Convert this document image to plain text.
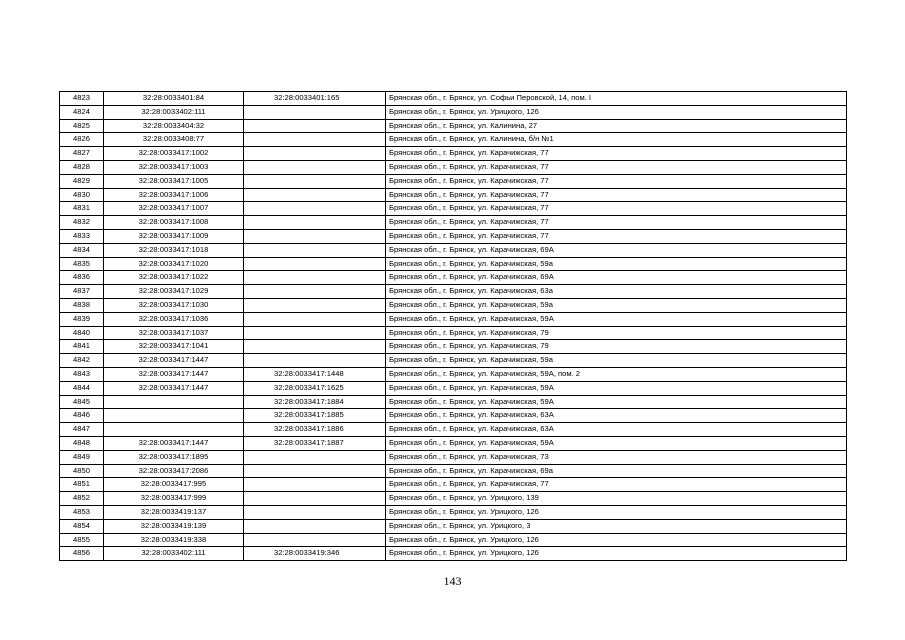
4823	32:28:0033401:84	32:28:0033401:165	Брянская обл., г. Брянск, ул. Софьи Перовской, 14, пом. I
4824	32:28:0033402:111		Брянская обл., г. Брянск, ул. Урицкого, 126
4825	32:28:0033404:32		Брянская обл., г. Брянск, ул. Калинина, 27
4826	32:28:0033408:77		Брянская обл., г. Брянск, ул. Калинина, б/н №1
4827	32:28:0033417:1002		Брянская обл., г. Брянск, ул. Карачижская, 77
4828	32:28:0033417:1003		Брянская обл., г. Брянск, ул. Карачижская, 77
4829	32:28:0033417:1005		Брянская обл., г. Брянск, ул. Карачижская, 77
4830	32:28:0033417:1006		Брянская обл., г. Брянск, ул. Карачижская, 77
4831	32:28:0033417:1007		Брянская обл., г. Брянск, ул. Карачижская, 77
4832	32:28:0033417:1008		Брянская обл., г. Брянск, ул. Карачижская, 77
4833	32:28:0033417:1009		Брянская обл., г. Брянск, ул. Карачижская, 77
4834	32:28:0033417:1018		Брянская обл., г. Брянск, ул. Карачижская, 69А
4835	32:28:0033417:1020		Брянская обл., г. Брянск, ул. Карачижская, 59а
4836	32:28:0033417:1022		Брянская обл., г. Брянск, ул. Карачижская, 69А
4837	32:28:0033417:1029		Брянская обл., г. Брянск, ул. Карачижская, 63а
4838	32:28:0033417:1030		Брянская обл., г. Брянск, ул. Карачижская, 59а
4839	32:28:0033417:1036		Брянская обл., г. Брянск, ул. Карачижская, 59А
4840	32:28:0033417:1037		Брянская обл., г. Брянск, ул. Карачижская, 79
4841	32:28:0033417:1041		Брянская обл., г. Брянск, ул. Карачижская, 79
4842	32:28:0033417:1447		Брянская обл., г. Брянск, ул. Карачижская, 59а
4843	32:28:0033417:1447	32:28:0033417:1448	Брянская обл., г. Брянск, ул. Карачижская, 59А, пом. 2
4844	32:28:0033417:1447	32:28:0033417:1625	Брянская обл., г. Брянск, ул. Карачижская, 59А
4845		32:28:0033417:1884	Брянская обл., г. Брянск, ул. Карачижская, 59А
4846		32:28:0033417:1885	Брянская обл., г. Брянск, ул. Карачижская, 63А
4847		32:28:0033417:1886	Брянская обл., г. Брянск, ул. Карачижская, 63А
4848	32:28:0033417:1447	32:28:0033417:1887	Брянская обл., г. Брянск, ул. Карачижская, 59А
4849	32:28:0033417:1895		Брянская обл., г. Брянск, ул. Карачижская, 73
4850	32:28:0033417:2086		Брянская обл., г. Брянск, ул. Карачижская, 69а
4851	32:28:0033417:995		Брянская обл., г. Брянск, ул. Карачижская, 77
4852	32:28:0033417:999		Брянская обл., г. Брянск, ул. Урицкого, 139
4853	32:28:0033419:137		Брянская обл., г. Брянск, ул. Урицкого, 126
4854	32:28:0033419:139		Брянская обл., г. Брянск, ул. Урицкого, 3
4855	32:28:0033419:338		Брянская обл., г. Брянск, ул. Урицкого, 126
4856	32:28:0033402:111	32:28:0033419:346	Брянская обл., г. Брянск, ул. Урицкого, 126
143
